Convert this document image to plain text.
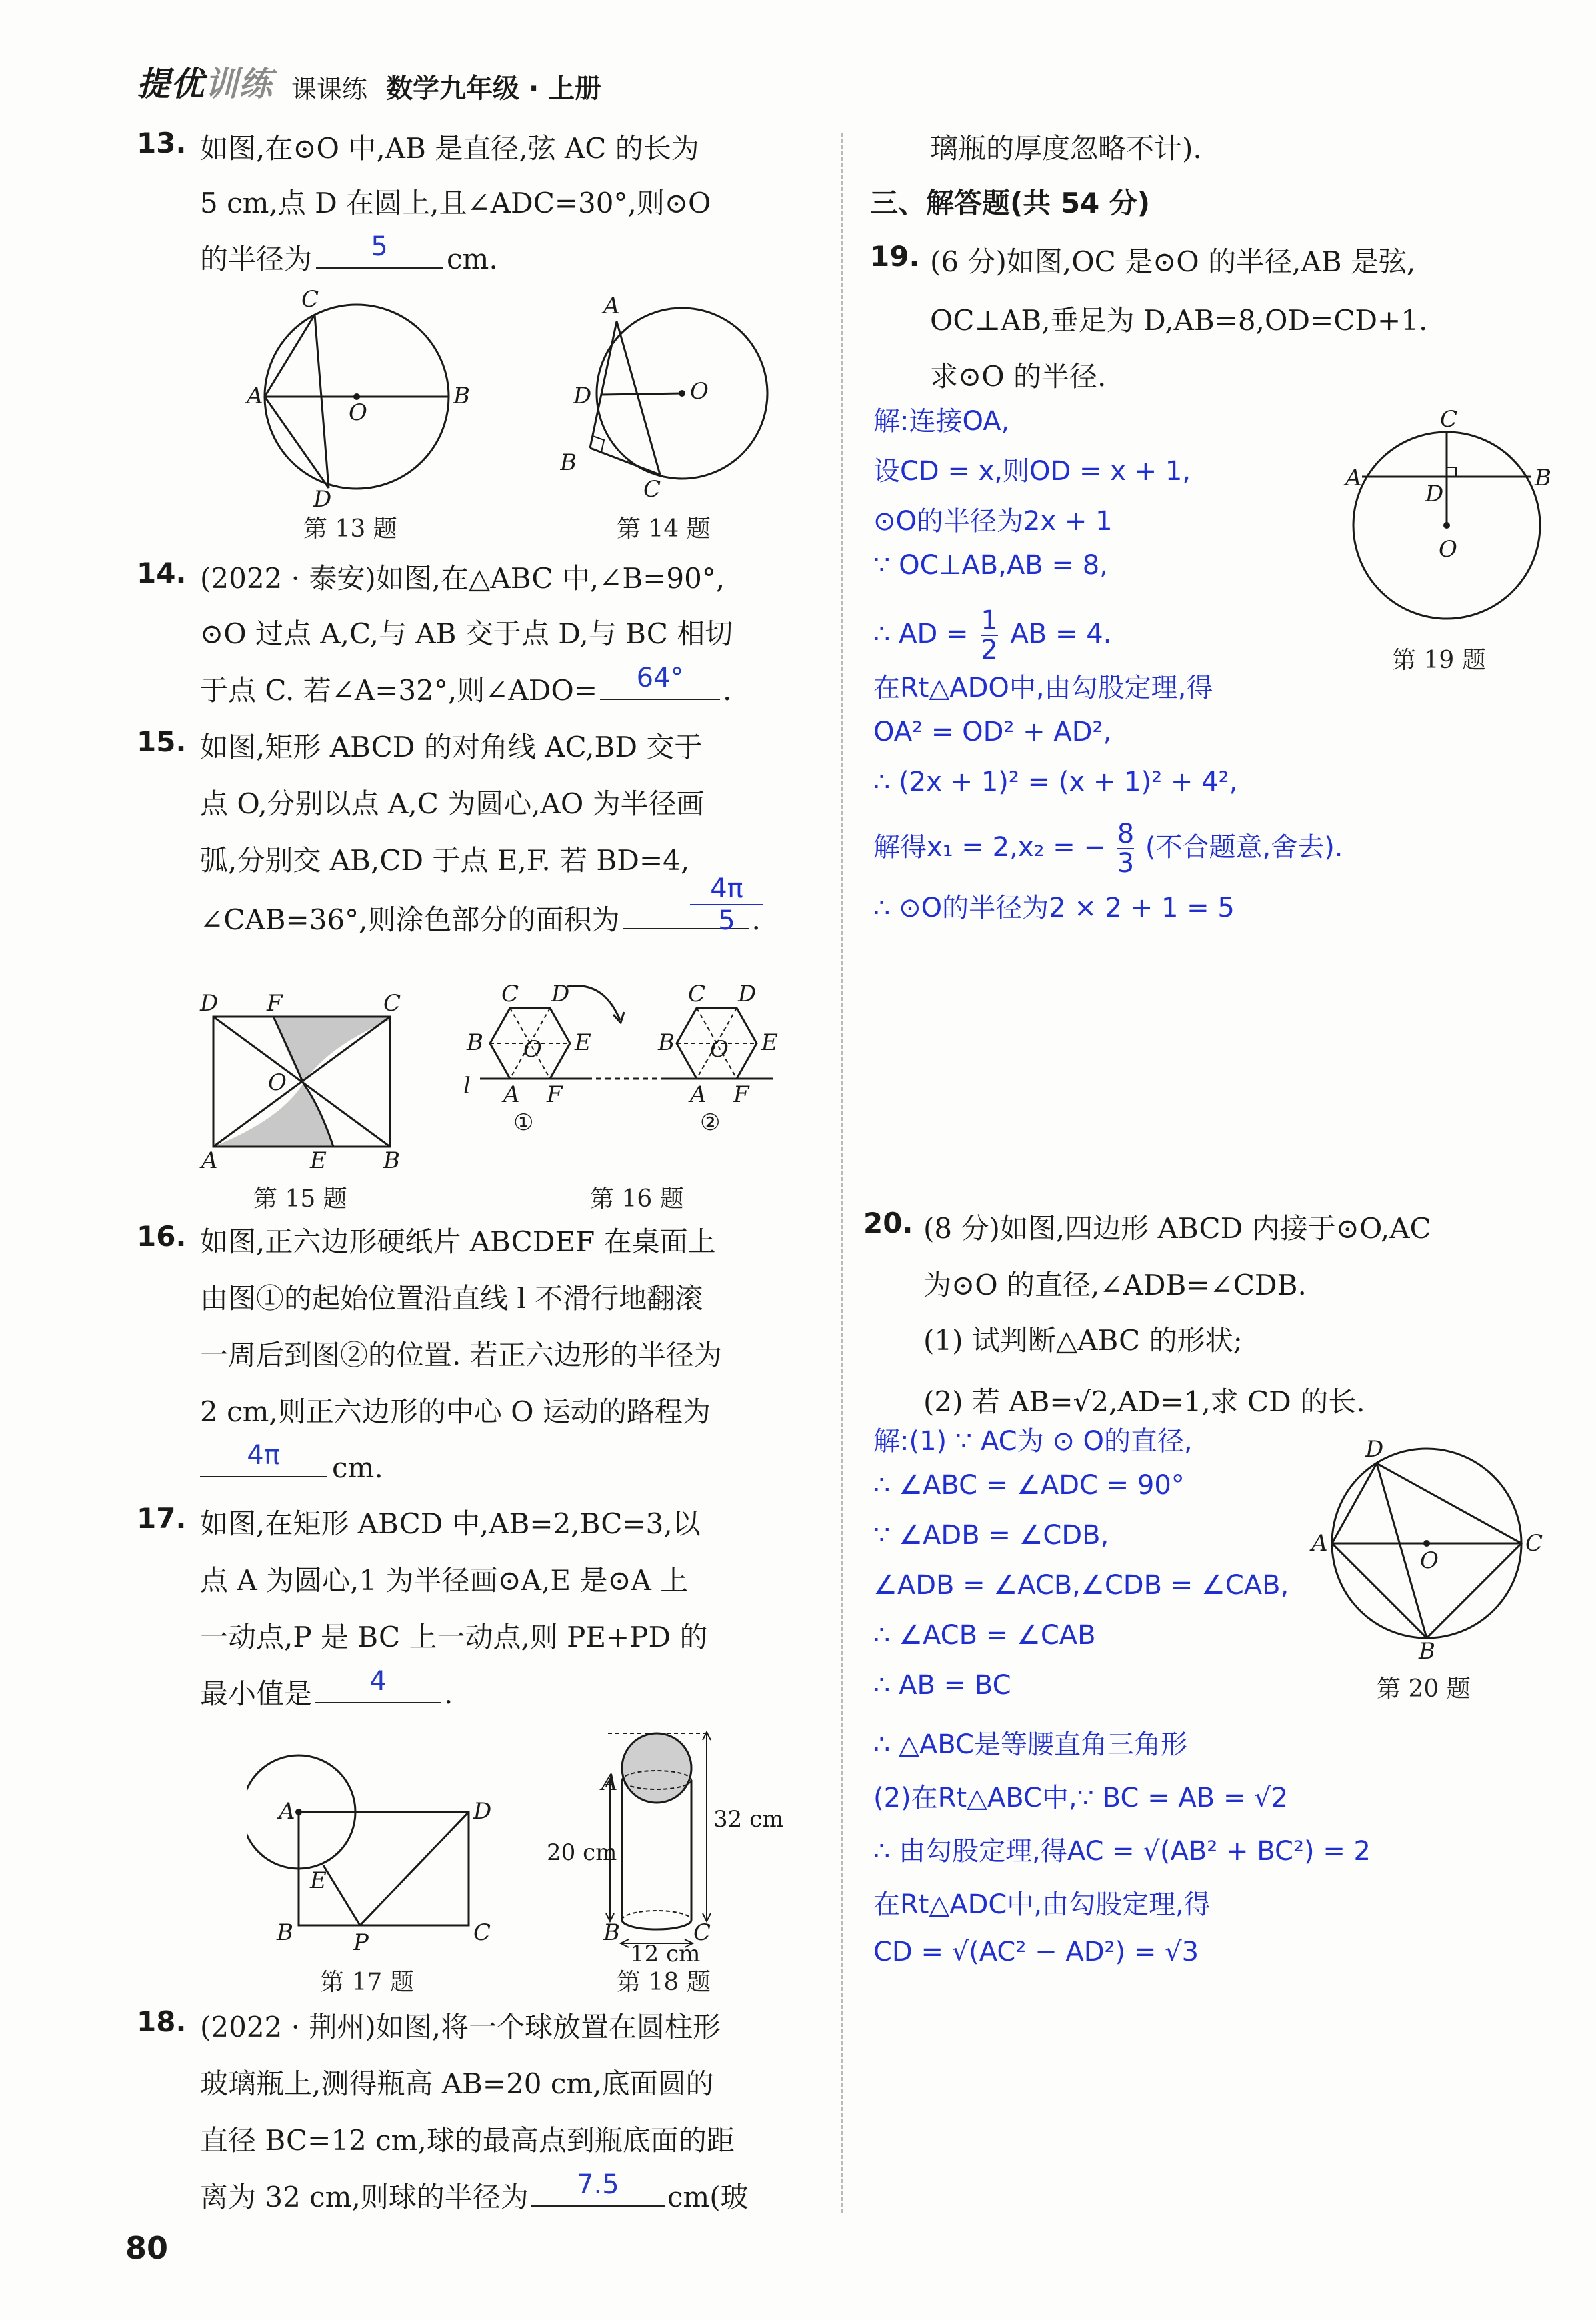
提优训练 课课练 数学九年级 · 上册
13. 如图,在⊙O 中,AB 是直径,弦 AC 的长为
5 cm,点 D 在圆上,且∠ADC=30°,则⊙O
的半径为	5	cm.
C
A	B
O
D
第 13 题
A
D	O
B
C
第 14 题
14. (2022 · 泰安)如图,在△ABC 中,∠B=90°,
⊙O 过点 A,C,与 AB 交于点 D,与 BC 相切
于点 C. 若∠A=32°,则∠ADO=	64°	.
15. 如图,矩形 ABCD 的对角线 AC,BD 交于
点 O,分别以点 A,C 为圆心,AO 为半径画
弧,分别交 AB,CD 于点 E,F. 若 BD=4,
∠CAB=36°,则涂色部分的面积为	.
$\frac{4\pi}{5}$
D F	C
O
A	E	B
第 15 题
C D
B O E
l A F
①
C D
B O E
A F
②
第 16 题
16. 如图,正六边形硬纸片 ABCDEF 在桌面上
由图①的起始位置沿直线 l 不滑行地翻滚
一周后到图②的位置. 若正六边形的半径为
2 cm,则正六边形的中心 O 运动的路程为
4π	cm.
17. 如图,在矩形 ABCD 中,AB=2,BC=3,以
点 A 为圆心,1 为半径画⊙A,E 是⊙A 上
一动点,P 是 BC 上一动点,则 PE+PD 的
最小值是	4	.
A	D
E
B	P	C
第 17 题
A
B	C
20 cm
32 cm
12 cm
第 18 题
18. (2022 · 荆州)如图,将一个球放置在圆柱形
玻璃瓶上,测得瓶高 AB=20 cm,底面圆的
直径 BC=12 cm,球的最高点到瓶底面的距
离为 32 cm,则球的半径为	7.5	cm(玻
80
璃瓶的厚度忽略不计).
三、解答题(共 54 分)
19. (6 分)如图,OC 是⊙O 的半径,AB 是弦,
OC⊥AB,垂足为 D,AB=8,OD=CD+1.
求⊙O 的半径.
解:连接OA,
设CD = x,则OD = x + 1,
⊙O的半径为2x + 1
∵ OC⊥AB,AB = 8,
∴ AD = $\frac{1}{2}$ AB = 4.
在Rt△ADO中,由勾股定理,得
OA² = OD² + AD²,
∴ (2x + 1)² = (x + 1)² + 4²,
解得x₁ = 2,x₂ = − $\frac{8}{3}$ (不合题意,舍去).
∴ ⊙O的半径为2 × 2 + 1 = 5
C
A	B
D
O
第 19 题
20. (8 分)如图,四边形 ABCD 内接于⊙O,AC
为⊙O 的直径,∠ADB=∠CDB.
(1) 试判断△ABC 的形状;
(2) 若 AB=√2,AD=1,求 CD 的长.
解:(1) ∵ AC为 ⊙ O的直径,
∴ ∠ABC = ∠ADC = 90°
∵ ∠ADB = ∠CDB,
∠ADB = ∠ACB,∠CDB = ∠CAB,
∴ ∠ACB = ∠CAB
∴ AB = BC
∴ △ABC是等腰直角三角形
(2)在Rt△ABC中,∵ BC = AB = √2
∴ 由勾股定理,得AC = √(AB² + BC²) = 2
在Rt△ADC中,由勾股定理,得
CD = √(AC² − AD²) = √3
D
A	C
O
B
第 20 题
